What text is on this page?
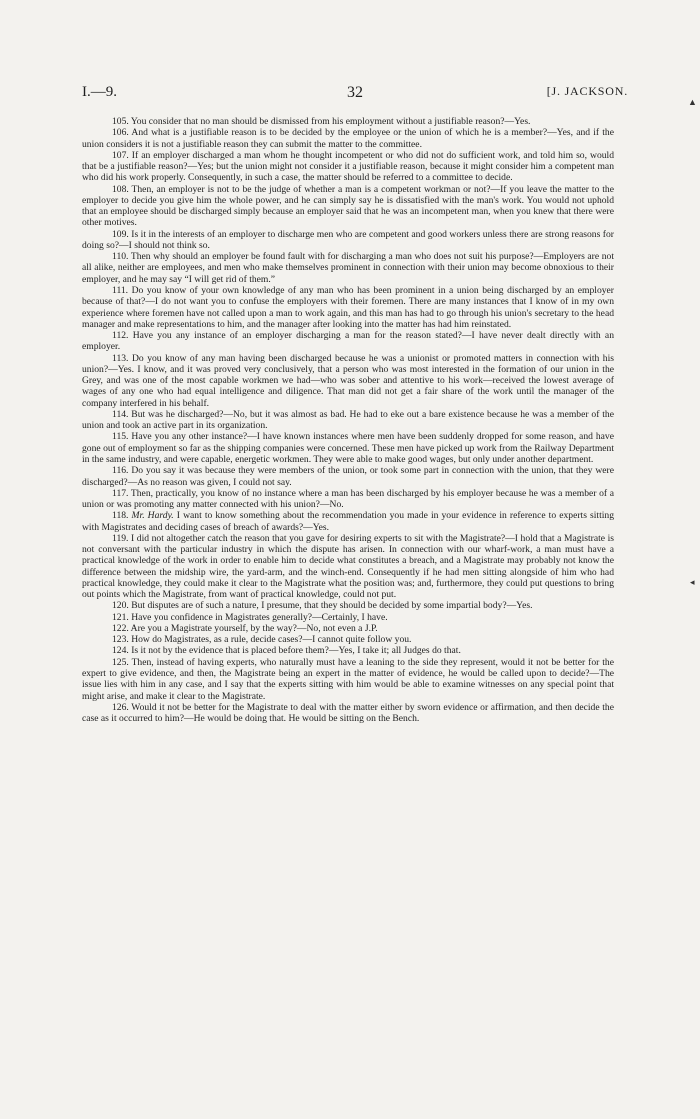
I.—9.	32	[J. JACKSON.
▲
◂

105. You consider that no man should be dismissed from his employment without a justifiable reason?—Yes.

106. And what is a justifiable reason is to be decided by the employee or the union of which he is a member?—Yes, and if the union considers it is not a justifiable reason they can submit the matter to the committee.

107. If an employer discharged a man whom he thought incompetent or who did not do sufficient work, and told him so, would that be a justifiable reason?—Yes; but the union might not consider it a justifiable reason, because it might consider him a competent man who did his work properly. Consequently, in such a case, the matter should be referred to a committee to decide.

108. Then, an employer is not to be the judge of whether a man is a competent workman or not?—If you leave the matter to the employer to decide you give him the whole power, and he can simply say he is dissatisfied with the man's work. You would not uphold that an employee should be discharged simply because an employer said that he was an incompetent man, when you knew that there were other motives.

109. Is it in the interests of an employer to discharge men who are competent and good workers unless there are strong reasons for doing so?—I should not think so.

110. Then why should an employer be found fault with for discharging a man who does not suit his purpose?—Employers are not all alike, neither are employees, and men who make themselves prominent in connection with their union may become obnoxious to their employer, and he may say “I will get rid of them.”

111. Do you know of your own knowledge of any man who has been prominent in a union being discharged by an employer because of that?—I do not want you to confuse the employers with their foremen. There are many instances that I know of in my own experience where foremen have not called upon a man to work again, and this man has had to go through his union's secretary to the head manager and make representations to him, and the manager after looking into the matter has had him reinstated.

112. Have you any instance of an employer discharging a man for the reason stated?—I have never dealt directly with an employer.

113. Do you know of any man having been discharged because he was a unionist or promoted matters in connection with his union?—Yes. I know, and it was proved very conclusively, that a person who was most interested in the formation of our union in the Grey, and was one of the most capable workmen we had—who was sober and attentive to his work—received the lowest average of wages of any one who had equal intelligence and diligence. That man did not get a fair share of the work until the manager of the company interfered in his behalf.

114. But was he discharged?—No, but it was almost as bad. He had to eke out a bare existence because he was a member of the union and took an active part in its organization.

115. Have you any other instance?—I have known instances where men have been suddenly dropped for some reason, and have gone out of employment so far as the shipping companies were concerned. These men have picked up work from the Railway Department in the same industry, and were capable, energetic workmen. They were able to make good wages, but only under another department.

116. Do you say it was because they were members of the union, or took some part in connection with the union, that they were discharged?—As no reason was given, I could not say.

117. Then, practically, you know of no instance where a man has been discharged by his employer because he was a member of a union or was promoting any matter connected with his union?—No.

118. Mr. Hardy. I want to know something about the recommendation you made in your evidence in reference to experts sitting with Magistrates and deciding cases of breach of awards?—Yes.

119. I did not altogether catch the reason that you gave for desiring experts to sit with the Magistrate?—I hold that a Magistrate is not conversant with the particular industry in which the dispute has arisen. In connection with our wharf-work, a man must have a practical knowledge of the work in order to enable him to decide what constitutes a breach, and a Magistrate may probably not know the difference between the midship wire, the yard-arm, and the winch-end. Consequently if he had men sitting alongside of him who had practical knowledge, they could make it clear to the Magistrate what the position was; and, furthermore, they could put questions to bring out points which the Magistrate, from want of practical knowledge, could not put.

120. But disputes are of such a nature, I presume, that they should be decided by some impartial body?—Yes.

121. Have you confidence in Magistrates generally?—Certainly, I have.

122. Are you a Magistrate yourself, by the way?—No, not even a J.P.

123. How do Magistrates, as a rule, decide cases?—I cannot quite follow you.

124. Is it not by the evidence that is placed before them?—Yes, I take it; all Judges do that.

125. Then, instead of having experts, who naturally must have a leaning to the side they represent, would it not be better for the expert to give evidence, and then, the Magistrate being an expert in the matter of evidence, he would be called upon to decide?—The issue lies with him in any case, and I say that the experts sitting with him would be able to examine witnesses on any special point that might arise, and make it clear to the Magistrate.

126. Would it not be better for the Magistrate to deal with the matter either by sworn evidence or affirmation, and then decide the case as it occurred to him?—He would be doing that. He would be sitting on the Bench.
